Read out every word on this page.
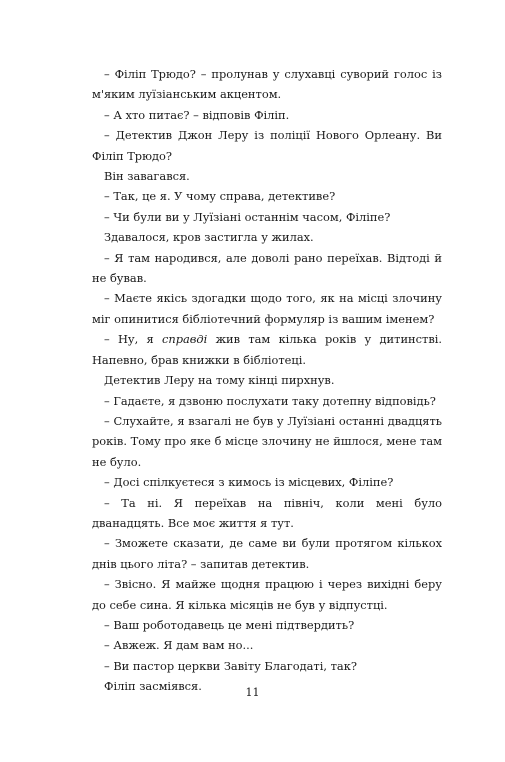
– Філіп Трюдо? – пролунав у слухавці суворий голос із м'яким луїзіанським акцентом.

– А хто питає? – відповів Філіп.

– Детектив Джон Леру із поліції Нового Орлеану. Ви Філіп Трюдо?

Він завагався.

– Так, це я. У чому справа, детективе?

– Чи були ви у Луїзіані останнім часом, Філіпе?

Здавалося, кров застигла у жилах.

– Я там народився, але доволі рано переїхав. Відтоді й не бував.

– Маєте якісь здогадки щодо того, як на місці злочину міг опинитися бібліотечний формуляр із вашим іменем?

– Ну, я справді жив там кілька років у дитинстві. Напевно, брав книжки в бібліотеці.

Детектив Леру на тому кінці пирхнув.

– Гадаєте, я дзвоню послухати таку дотепну відповідь?

– Слухайте, я взагалі не був у Луїзіані останні двадцять років. Тому про яке б місце злочину не йшлося, мене там не було.

– Досі спілкуєтеся з кимось із місцевих, Філіпе?

– Та ні. Я переїхав на північ, коли мені було дванадцять. Все моє життя я тут.

– Зможете сказати, де саме ви були протягом кількох днів цього літа? – запитав детектив.

– Звісно. Я майже щодня працюю і через вихідні беру до себе сина. Я кілька місяців не був у відпустці.

– Ваш роботодавець це мені підтвердить?

– Авжеж. Я дам вам но...

– Ви пастор церкви Завіту Благодаті, так?

Філіп засміявся.	11
